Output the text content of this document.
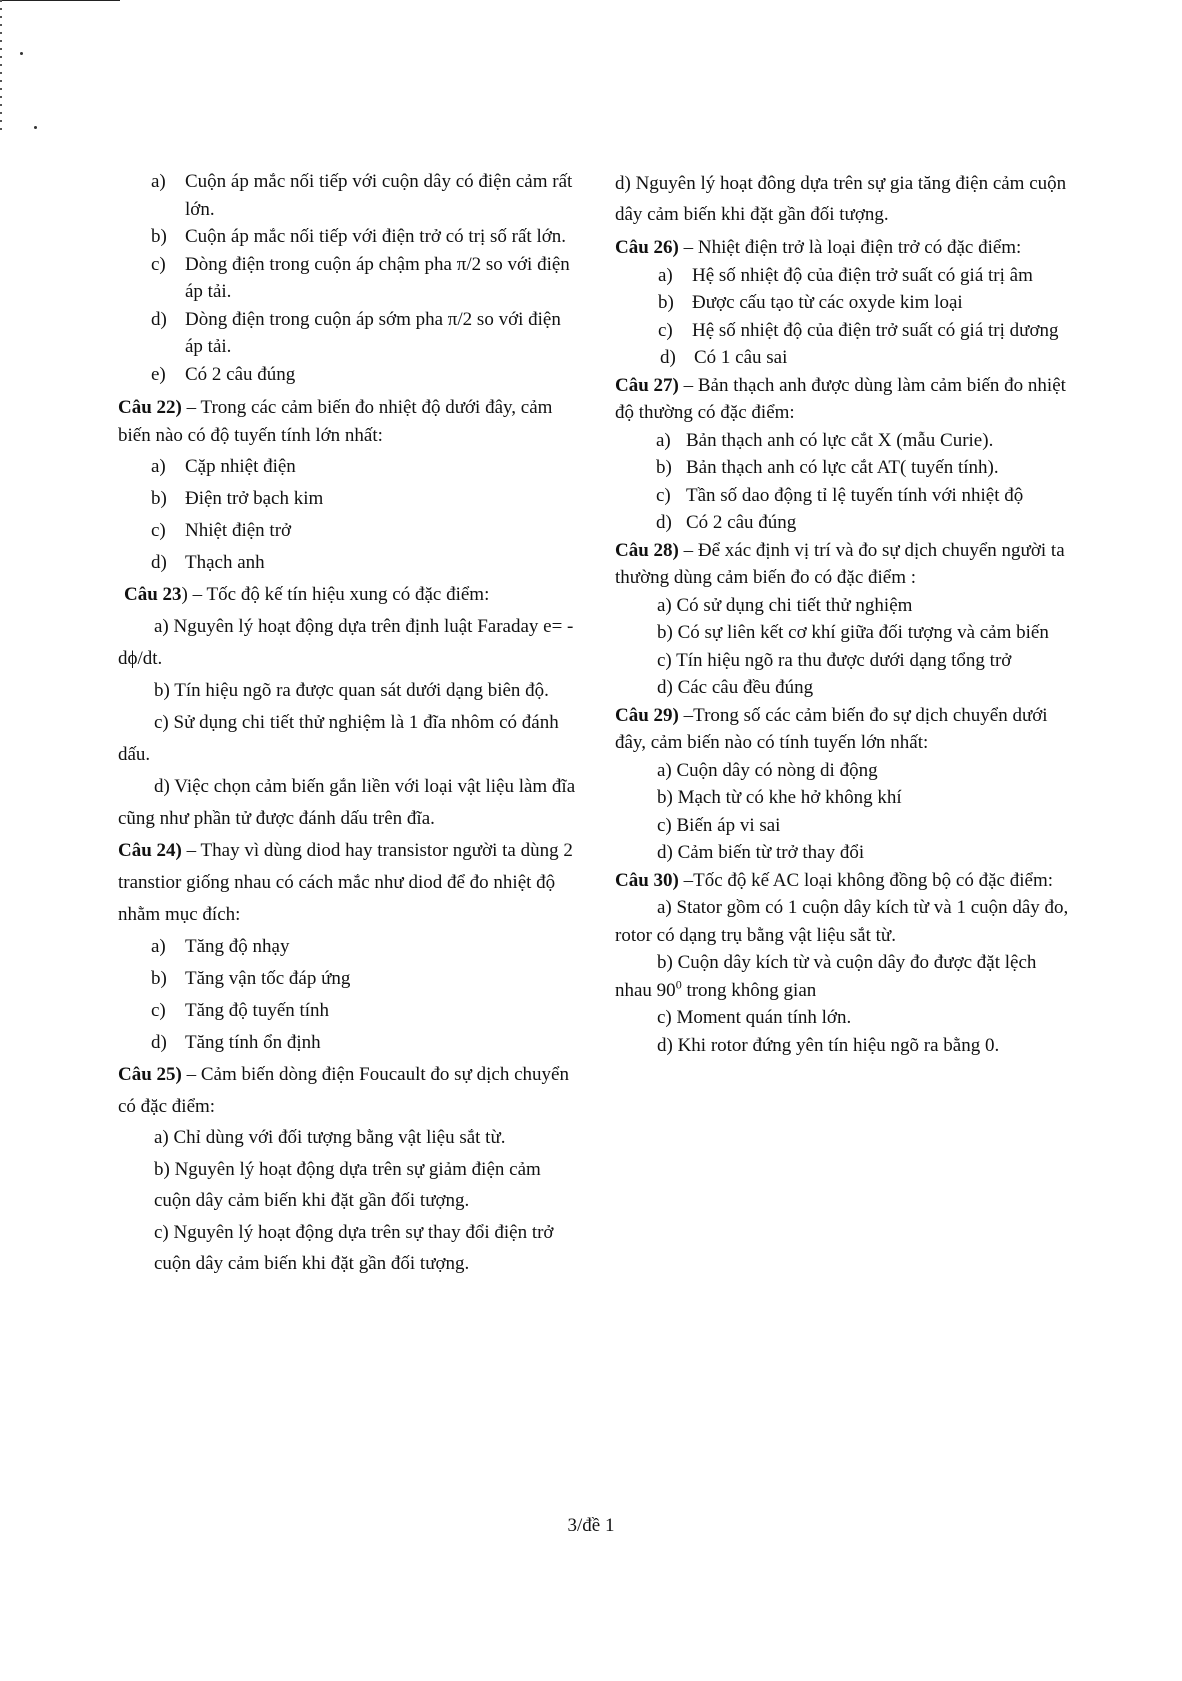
a)	Cuộn áp mắc nối tiếp với cuộn dây có điện cảm rất lớn.
b) Cuộn áp mắc nối tiếp với điện trở có trị số rất lớn.
c)	Dòng điện trong cuộn áp chậm pha π/2 so với điện áp tải.
d) Dòng điện trong cuộn áp sớm pha π/2 so với điện áp tải.
e)	Có 2 câu đúng

Câu 22) – Trong các cảm biến đo nhiệt độ dưới đây, cảm biến nào có độ tuyến tính lớn nhất:

a)	Cặp nhiệt điện
b) Điện trở bạch kim
c)	Nhiệt điện trở
d) Thạch anh

Câu 23) – Tốc độ kế tín hiệu xung có đặc điểm:

a) Nguyên lý hoạt động dựa trên định luật Faraday e= -dϕ/dt.

b) Tín hiệu ngõ ra được quan sát dưới dạng biên độ.

c) Sử dụng chi tiết thử nghiệm là 1 đĩa nhôm có đánh dấu.

d) Việc chọn cảm biến gắn liền với loại vật liệu làm đĩa cũng như phần tử được đánh dấu trên đĩa.

Câu 24) – Thay vì dùng diod hay transistor người ta dùng 2 transtior giống nhau có cách mắc như diod để đo nhiệt độ nhằm mục đích:

a)	Tăng độ nhạy
b) Tăng vận tốc đáp ứng
c)	Tăng độ tuyến tính
d) Tăng tính ổn định

Câu 25) – Cảm biến dòng điện Foucault đo sự dịch chuyển có đặc điểm:

a) Chỉ dùng với đối tượng bằng vật liệu sắt từ.

b) Nguyên lý hoạt động dựa trên sự giảm điện cảm cuộn dây cảm biến khi đặt gần đối tượng.

c) Nguyên lý hoạt động dựa trên sự thay đổi điện trở cuộn dây cảm biến khi đặt gần đối tượng.

d) Nguyên lý hoạt đông dựa trên sự gia tăng điện cảm cuộn dây cảm biến khi đặt gần đối tượng.

Câu 26) – Nhiệt điện trở là loại điện trở có đặc điểm:

a) Hệ số nhiệt độ của điện trở suất có giá trị âm

b) Được cấu tạo từ các oxyde kim loại

c) Hệ số nhiệt độ của điện trở suất có giá trị dương

d) Có 1 câu sai

Câu 27) – Bản thạch anh được dùng làm cảm biến đo nhiệt độ thường có đặc điểm:

a) Bản thạch anh có lực cắt X (mẫu Curie).

b) Bản thạch anh có lực cắt AT( tuyến tính).

c) Tần số dao động tỉ lệ tuyến tính với nhiệt độ

d) Có 2 câu đúng

Câu 28) – Để xác định vị trí và đo sự dịch chuyển người ta thường dùng cảm biến đo có đặc điểm :

a) Có sử dụng chi tiết thử nghiệm

b) Có sự liên kết cơ khí giữa đối tượng và cảm biến

c) Tín hiệu ngõ ra thu được dưới dạng tổng trở

d) Các câu đều đúng

Câu 29) –Trong số các cảm biến đo sự dịch chuyển dưới đây, cảm biến nào có tính tuyến lớn nhất:

a) Cuộn dây có nòng di động

b) Mạch từ có khe hở không khí

c) Biến áp vi sai

d) Cảm biến từ trở thay đổi

Câu 30) –Tốc độ kế AC loại không đồng bộ có đặc điểm:

a) Stator gồm có 1 cuộn dây kích từ và 1 cuộn dây đo, rotor có dạng trụ bằng vật liệu sắt từ.

b) Cuộn dây kích từ và cuộn dây đo được đặt lệch nhau $90^0$ trong không gian

c) Moment quán tính lớn.

d) Khi rotor đứng yên tín hiệu ngõ ra bằng 0.

3/đề 1
